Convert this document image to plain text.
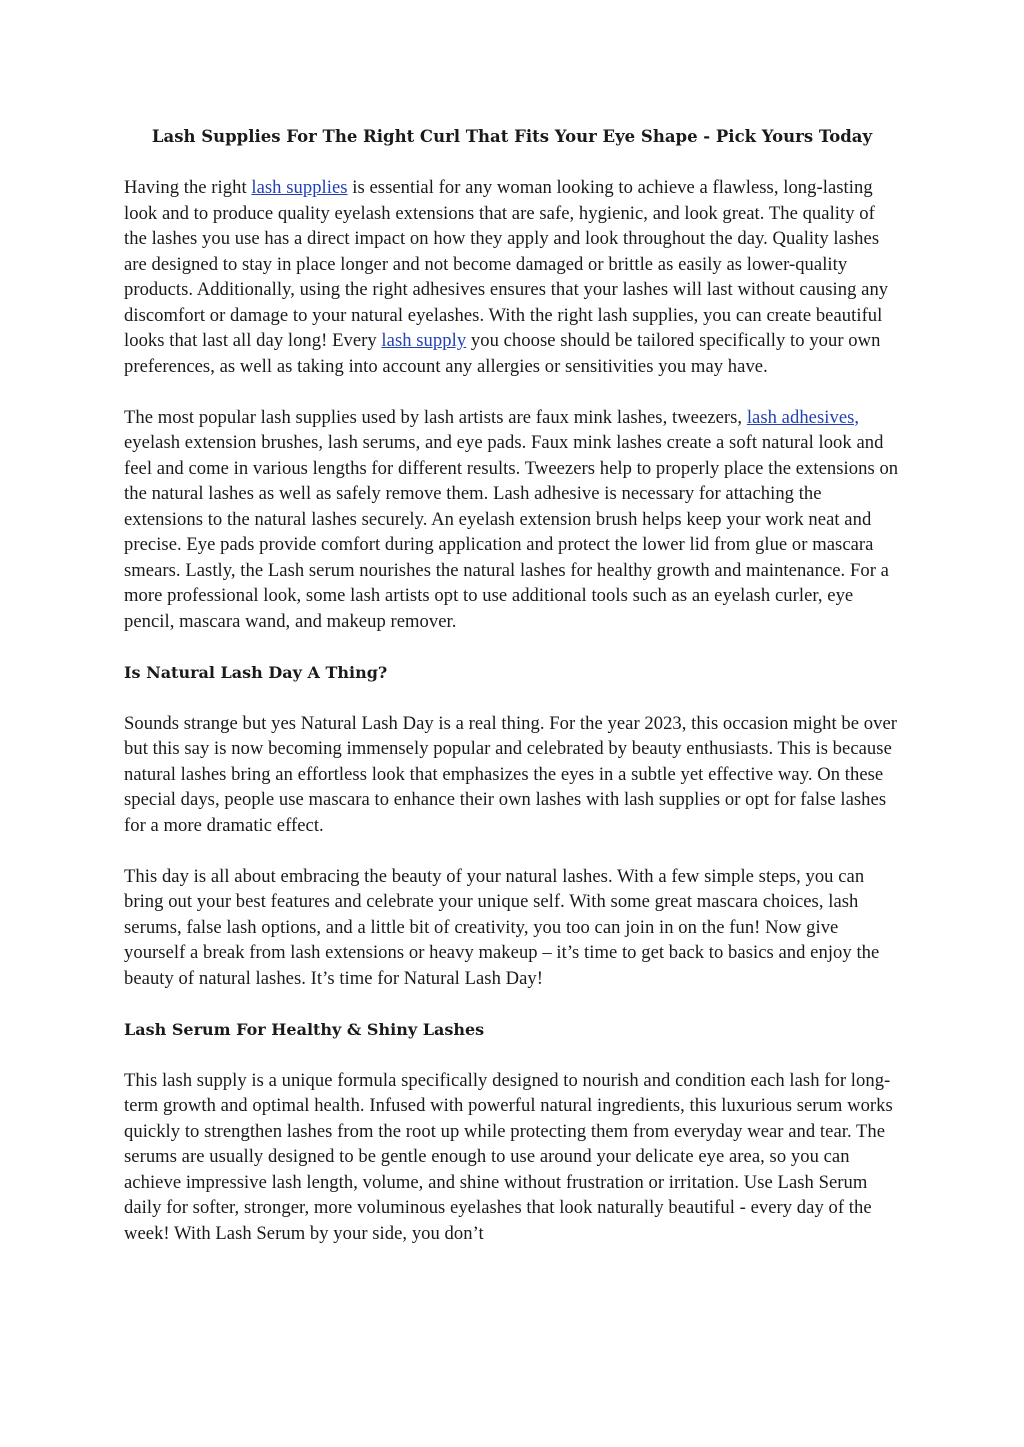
Lash Supplies For The Right Curl That Fits Your Eye Shape - Pick Yours Today

Having the right lash supplies is essential for any woman looking to achieve a flawless, long-lasting look and to produce quality eyelash extensions that are safe, hygienic, and look great. The quality of the lashes you use has a direct impact on how they apply and look throughout the day. Quality lashes are designed to stay in place longer and not become damaged or brittle as easily as lower-quality products. Additionally, using the right adhesives ensures that your lashes will last without causing any discomfort or damage to your natural eyelashes. With the right lash supplies, you can create beautiful looks that last all day long! Every lash supply you choose should be tailored specifically to your own preferences, as well as taking into account any allergies or sensitivities you may have.

The most popular lash supplies used by lash artists are faux mink lashes, tweezers, lash adhesives, eyelash extension brushes, lash serums, and eye pads. Faux mink lashes create a soft natural look and feel and come in various lengths for different results. Tweezers help to properly place the extensions on the natural lashes as well as safely remove them. Lash adhesive is necessary for attaching the extensions to the natural lashes securely. An eyelash extension brush helps keep your work neat and precise. Eye pads provide comfort during application and protect the lower lid from glue or mascara smears. Lastly, the Lash serum nourishes the natural lashes for healthy growth and maintenance. For a more professional look, some lash artists opt to use additional tools such as an eyelash curler, eye pencil, mascara wand, and makeup remover.

Is Natural Lash Day A Thing?

Sounds strange but yes Natural Lash Day is a real thing. For the year 2023, this occasion might be over but this say is now becoming immensely popular and celebrated by beauty enthusiasts. This is because natural lashes bring an effortless look that emphasizes the eyes in a subtle yet effective way. On these special days, people use mascara to enhance their own lashes with lash supplies or opt for false lashes for a more dramatic effect.

This day is all about embracing the beauty of your natural lashes. With a few simple steps, you can bring out your best features and celebrate your unique self. With some great mascara choices, lash serums, false lash options, and a little bit of creativity, you too can join in on the fun! Now give yourself a break from lash extensions or heavy makeup – it’s time to get back to basics and enjoy the beauty of natural lashes. It’s time for Natural Lash Day!

Lash Serum For Healthy & Shiny Lashes

This lash supply is a unique formula specifically designed to nourish and condition each lash for long-term growth and optimal health. Infused with powerful natural ingredients, this luxurious serum works quickly to strengthen lashes from the root up while protecting them from everyday wear and tear. The serums are usually designed to be gentle enough to use around your delicate eye area, so you can achieve impressive lash length, volume, and shine without frustration or irritation. Use Lash Serum daily for softer, stronger, more voluminous eyelashes that look naturally beautiful - every day of the week! With Lash Serum by your side, you don’t
